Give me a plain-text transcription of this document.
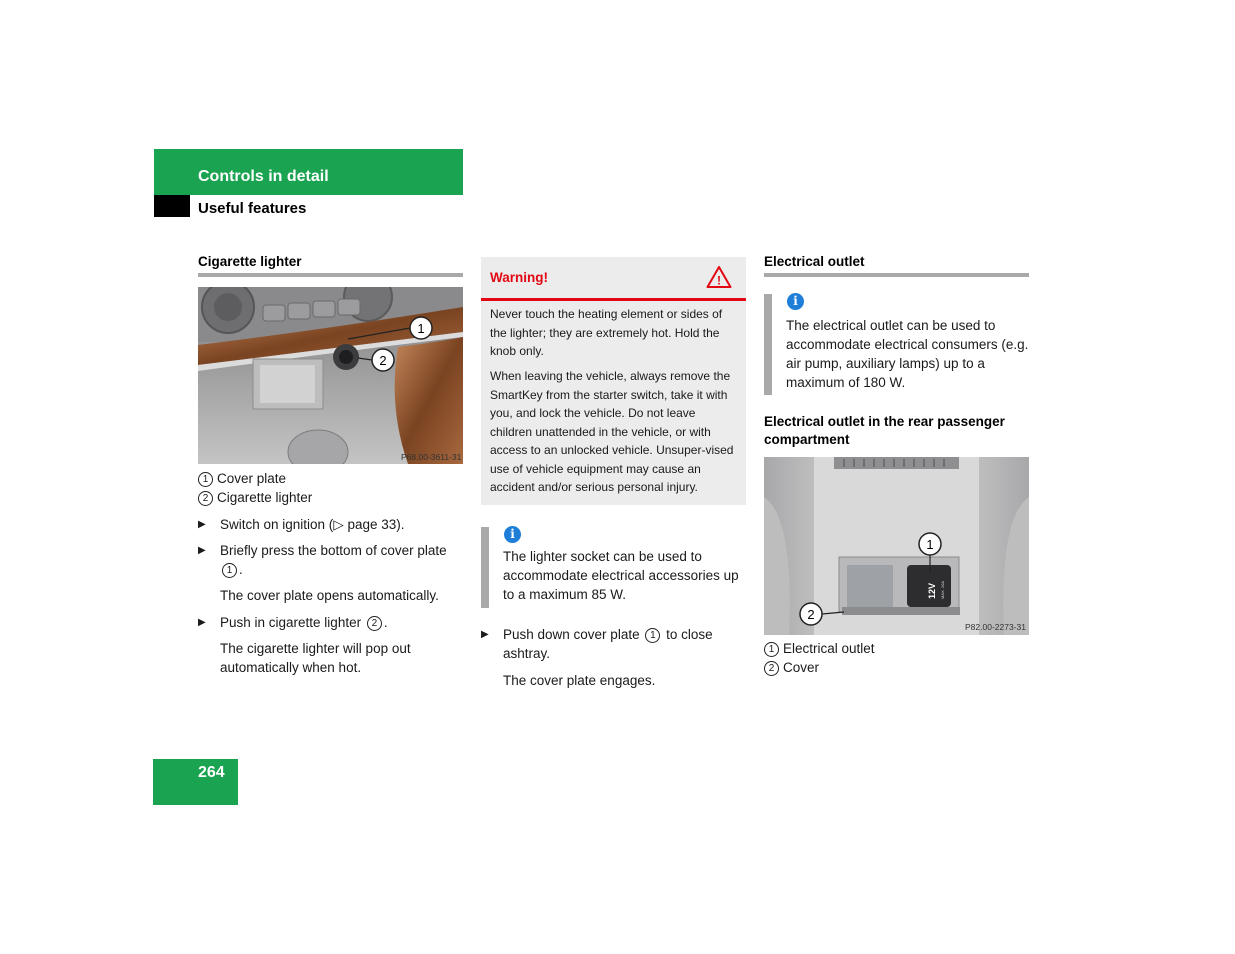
Controls in detail
Useful features
Cigarette lighter
1
2
P68.00-3611-31
1 Cover plate
2 Cigarette lighter
▶ Switch on ignition (▷ page 33).
▶ Briefly press the bottom of cover plate 1 .
The cover plate opens automatically.
▶ Push in cigarette lighter 2 .
The cigarette lighter will pop out automatically when hot.
Warning!	!
Never touch the heating element or sides of the lighter; they are extremely hot. Hold the knob only.
When leaving the vehicle, always remove the SmartKey from the starter switch, take it with you, and lock the vehicle. Do not leave children unattended in the vehicle, or with access to an unlocked vehicle. Unsuper-vised use of vehicle equipment may cause an accident and/or serious personal injury.
i
The lighter socket can be used to accommodate electrical accessories up to a maximum 85 W.
▶ Push down cover plate 1 to close ashtray.
The cover plate engages.
Electrical outlet
i
The electrical outlet can be used to accommodate electrical consumers (e.g. air pump, auxiliary lamps) up to a maximum of 180 W.
Electrical outlet in the rear passenger compartment
1
2
12V MAX. 10A
P82.00-2273-31
1 Electrical outlet
2 Cover
264
